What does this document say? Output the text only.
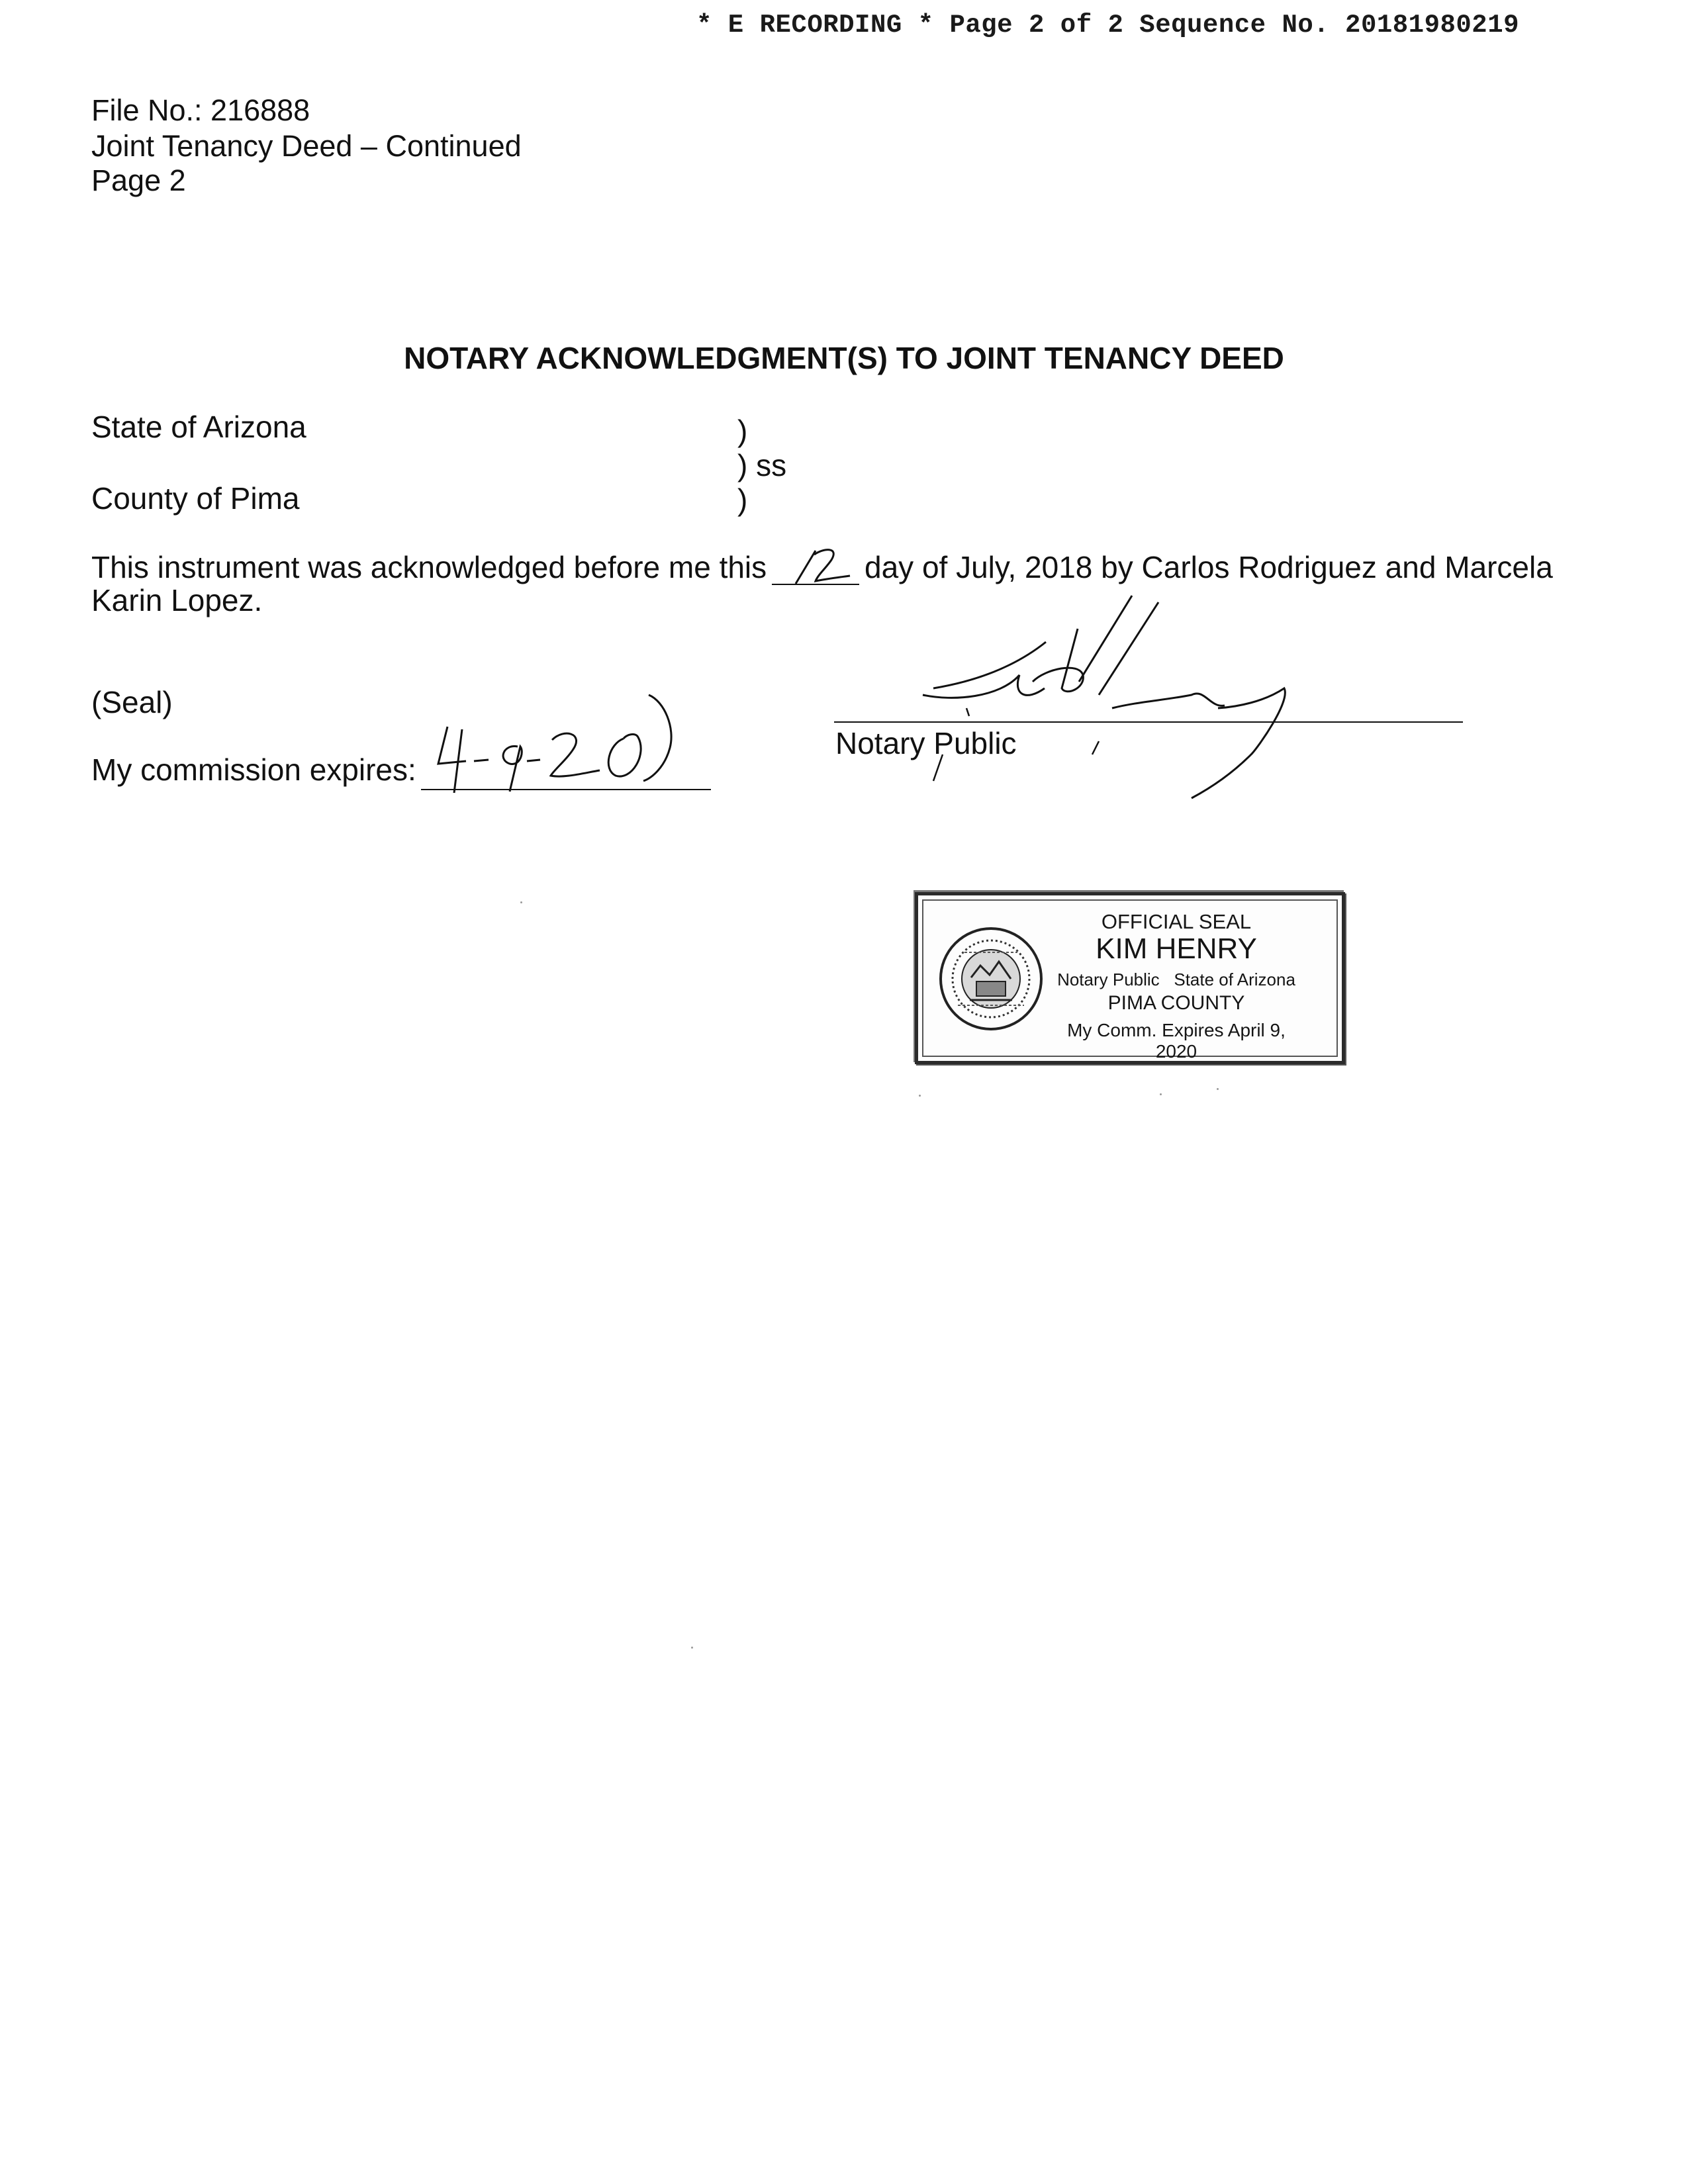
* E RECORDING * Page 2 of 2 Sequence No. 20181980219
File No.: 216888
Joint Tenancy Deed – Continued
Page 2
NOTARY ACKNOWLEDGMENT(S) TO JOINT TENANCY DEED
State of Arizona
County of Pima
)
) ss
)
This instrument was acknowledged before me this	day of July, 2018 by Carlos Rodriguez and Marcela
Karin Lopez.
(Seal)
My commission expires:
Notary Public
OFFICIAL SEAL
KIM HENRY
Notary Public State of Arizona
PIMA COUNTY
My Comm. Expires April 9, 2020
